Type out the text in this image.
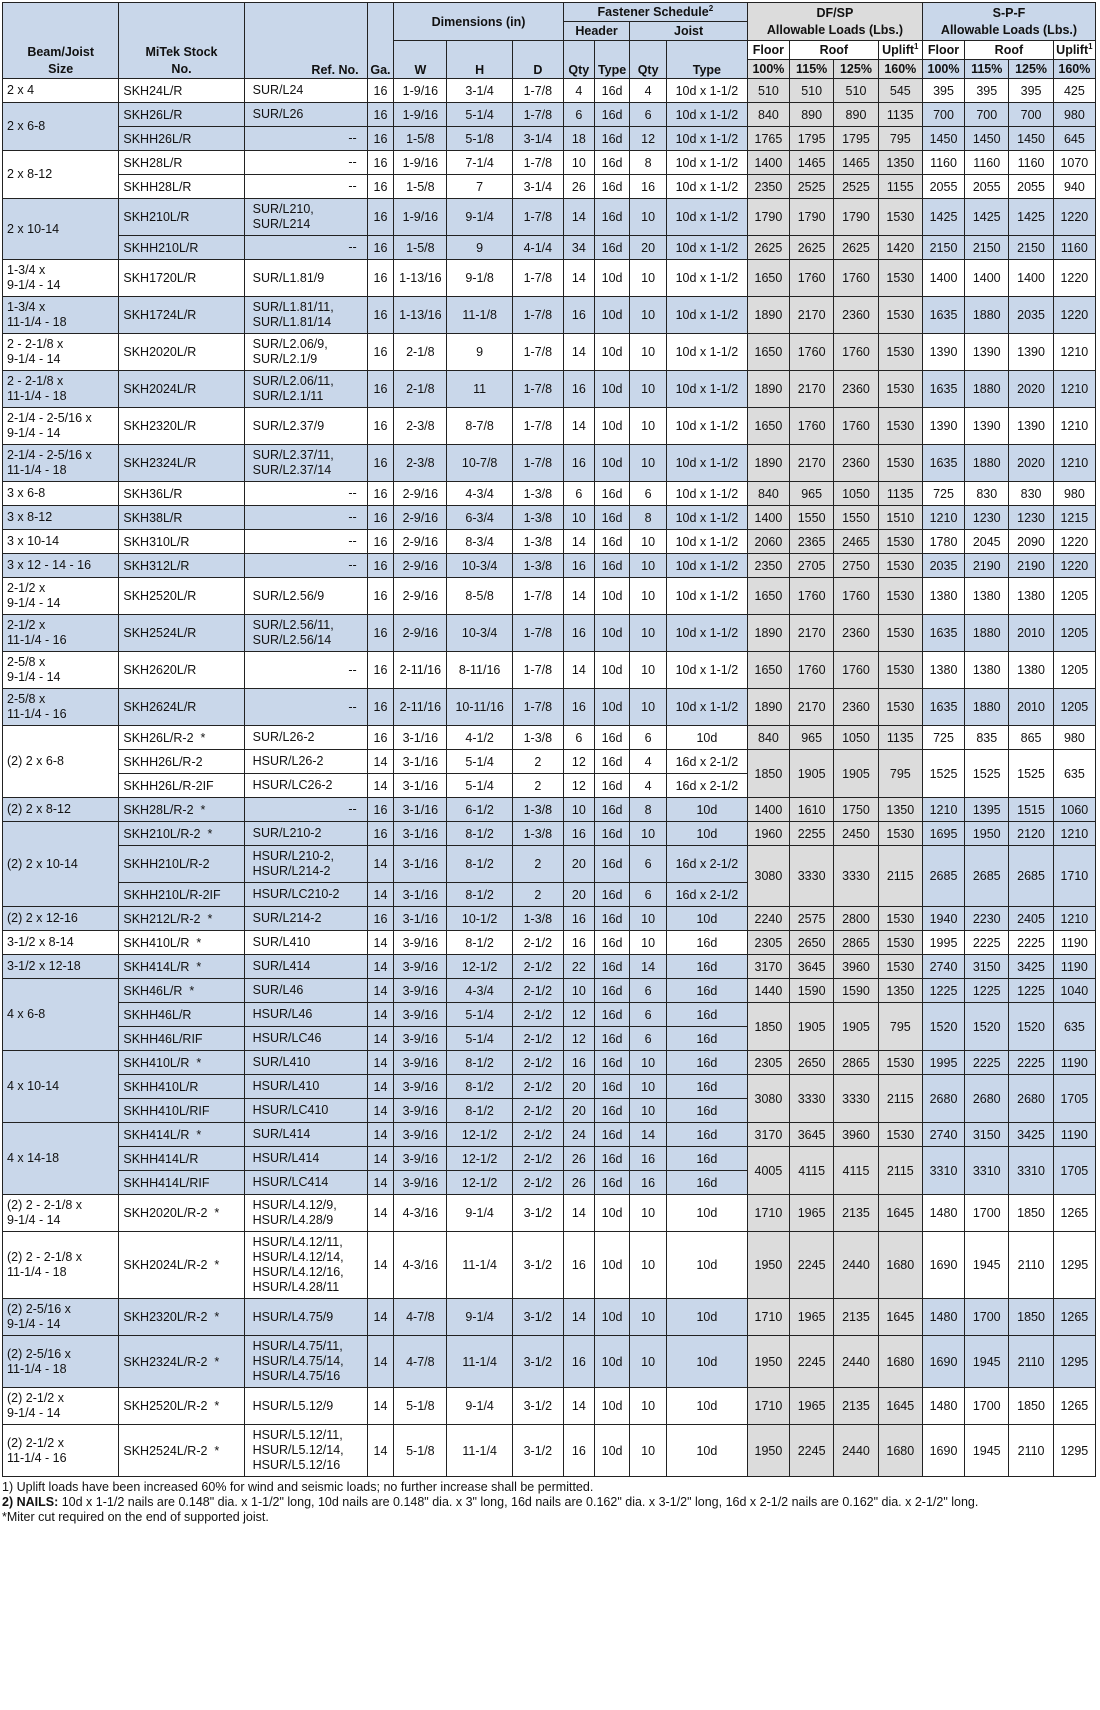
Beam/Joist Size	MiTek Stock No.	Ref. No.	Ga.	Dimensions (in)			Fastener Schedule$^2$				DF/SP
Allowable Loads (Lbs.)				S-P-F
Allowable Loads (Lbs.)			
							Header		Joist									
				W	H	D	Qty	Type	Qty	Type	Floor	Roof		Uplift$^1$	Floor	Roof		Uplift$^1$
											100%	115%	125%	160%	100%	115%	125%	160%
2 x 4	SKH24L/R	SUR/L24	16	1-9/16	3-1/4	1-7/8	4	16d	4	10d x 1-1/2	510	510	510	545	395	395	395	425
2 x 6-8	SKH26L/R	SUR/L26	16	1-9/16	5-1/4	1-7/8	6	16d	6	10d x 1-1/2	840	890	890	1135	700	700	700	980
	SKHH26L/R	--	16	1-5/8	5-1/8	3-1/4	18	16d	12	10d x 1-1/2	1765	1795	1795	795	1450	1450	1450	645
2 x 8-12	SKH28L/R	--	16	1-9/16	7-1/4	1-7/8	10	16d	8	10d x 1-1/2	1400	1465	1465	1350	1160	1160	1160	1070
	SKHH28L/R	--	16	1-5/8	7	3-1/4	26	16d	16	10d x 1-1/2	2350	2525	2525	1155	2055	2055	2055	940
2 x 10-14	SKH210L/R	SUR/L210,
SUR/L214	16	1-9/16	9-1/4	1-7/8	14	16d	10	10d x 1-1/2	1790	1790	1790	1530	1425	1425	1425	1220
	SKHH210L/R	--	16	1-5/8	9	4-1/4	34	16d	20	10d x 1-1/2	2625	2625	2625	1420	2150	2150	2150	1160
1-3/4 x
9-1/4 - 14	SKH1720L/R	SUR/L1.81/9	16	1-13/16	9-1/8	1-7/8	14	10d	10	10d x 1-1/2	1650	1760	1760	1530	1400	1400	1400	1220
1-3/4 x
11-1/4 - 18	SKH1724L/R	SUR/L1.81/11,
SUR/L1.81/14	16	1-13/16	11-1/8	1-7/8	16	10d	10	10d x 1-1/2	1890	2170	2360	1530	1635	1880	2035	1220
2 - 2-1/8 x
9-1/4 - 14	SKH2020L/R	SUR/L2.06/9,
SUR/L2.1/9	16	2-1/8	9	1-7/8	14	10d	10	10d x 1-1/2	1650	1760	1760	1530	1390	1390	1390	1210
2 - 2-1/8 x
11-1/4 - 18	SKH2024L/R	SUR/L2.06/11,
SUR/L2.1/11	16	2-1/8	11	1-7/8	16	10d	10	10d x 1-1/2	1890	2170	2360	1530	1635	1880	2020	1210
2-1/4 - 2-5/16 x
9-1/4 - 14	SKH2320L/R	SUR/L2.37/9	16	2-3/8	8-7/8	1-7/8	14	10d	10	10d x 1-1/2	1650	1760	1760	1530	1390	1390	1390	1210
2-1/4 - 2-5/16 x
11-1/4 - 18	SKH2324L/R	SUR/L2.37/11,
SUR/L2.37/14	16	2-3/8	10-7/8	1-7/8	16	10d	10	10d x 1-1/2	1890	2170	2360	1530	1635	1880	2020	1210
3 x 6-8	SKH36L/R	--	16	2-9/16	4-3/4	1-3/8	6	16d	6	10d x 1-1/2	840	965	1050	1135	725	830	830	980
3 x 8-12	SKH38L/R	--	16	2-9/16	6-3/4	1-3/8	10	16d	8	10d x 1-1/2	1400	1550	1550	1510	1210	1230	1230	1215
3 x 10-14	SKH310L/R	--	16	2-9/16	8-3/4	1-3/8	14	16d	10	10d x 1-1/2	2060	2365	2465	1530	1780	2045	2090	1220
3 x 12 - 14 - 16	SKH312L/R	--	16	2-9/16	10-3/4	1-3/8	16	16d	10	10d x 1-1/2	2350	2705	2750	1530	2035	2190	2190	1220
2-1/2 x
9-1/4 - 14	SKH2520L/R	SUR/L2.56/9	16	2-9/16	8-5/8	1-7/8	14	10d	10	10d x 1-1/2	1650	1760	1760	1530	1380	1380	1380	1205
2-1/2 x
11-1/4 - 16	SKH2524L/R	SUR/L2.56/11,
SUR/L2.56/14	16	2-9/16	10-3/4	1-7/8	16	10d	10	10d x 1-1/2	1890	2170	2360	1530	1635	1880	2010	1205
2-5/8 x
9-1/4 - 14	SKH2620L/R	--	16	2-11/16	8-11/16	1-7/8	14	10d	10	10d x 1-1/2	1650	1760	1760	1530	1380	1380	1380	1205
2-5/8 x
11-1/4 - 16	SKH2624L/R	--	16	2-11/16	10-11/16	1-7/8	16	10d	10	10d x 1-1/2	1890	2170	2360	1530	1635	1880	2010	1205
(2) 2 x 6-8	SKH26L/R-2  *	SUR/L26-2	16	3-1/16	4-1/2	1-3/8	6	16d	6	10d	840	965	1050	1135	725	835	865	980
	SKHH26L/R-2	HSUR/L26-2	14	3-1/16	5-1/4	2	12	16d	4	16d x 2-1/2	1850	1905	1905	795	1525	1525	1525	635
	SKHH26L/R-2IF	HSUR/LC26-2	14	3-1/16	5-1/4	2	12	16d	4	16d x 2-1/2								
(2) 2 x 8-12	SKH28L/R-2  *	--	16	3-1/16	6-1/2	1-3/8	10	16d	8	10d	1400	1610	1750	1350	1210	1395	1515	1060
(2) 2 x 10-14	SKH210L/R-2  *	SUR/L210-2	16	3-1/16	8-1/2	1-3/8	16	16d	10	10d	1960	2255	2450	1530	1695	1950	2120	1210
	SKHH210L/R-2	HSUR/L210-2,
HSUR/L214-2	14	3-1/16	8-1/2	2	20	16d	6	16d x 2-1/2	3080	3330	3330	2115	2685	2685	2685	1710
	SKHH210L/R-2IF	HSUR/LC210-2	14	3-1/16	8-1/2	2	20	16d	6	16d x 2-1/2								
(2) 2 x 12-16	SKH212L/R-2  *	SUR/L214-2	16	3-1/16	10-1/2	1-3/8	16	16d	10	10d	2240	2575	2800	1530	1940	2230	2405	1210
3-1/2 x 8-14	SKH410L/R  *	SUR/L410	14	3-9/16	8-1/2	2-1/2	16	16d	10	16d	2305	2650	2865	1530	1995	2225	2225	1190
3-1/2 x 12-18	SKH414L/R  *	SUR/L414	14	3-9/16	12-1/2	2-1/2	22	16d	14	16d	3170	3645	3960	1530	2740	3150	3425	1190
4 x 6-8	SKH46L/R  *	SUR/L46	14	3-9/16	4-3/4	2-1/2	10	16d	6	16d	1440	1590	1590	1350	1225	1225	1225	1040
	SKHH46L/R	HSUR/L46	14	3-9/16	5-1/4	2-1/2	12	16d	6	16d	1850	1905	1905	795	1520	1520	1520	635
	SKHH46L/RIF	HSUR/LC46	14	3-9/16	5-1/4	2-1/2	12	16d	6	16d								
4 x 10-14	SKH410L/R  *	SUR/L410	14	3-9/16	8-1/2	2-1/2	16	16d	10	16d	2305	2650	2865	1530	1995	2225	2225	1190
	SKHH410L/R	HSUR/L410	14	3-9/16	8-1/2	2-1/2	20	16d	10	16d	3080	3330	3330	2115	2680	2680	2680	1705
	SKHH410L/RIF	HSUR/LC410	14	3-9/16	8-1/2	2-1/2	20	16d	10	16d								
4 x 14-18	SKH414L/R  *	SUR/L414	14	3-9/16	12-1/2	2-1/2	24	16d	14	16d	3170	3645	3960	1530	2740	3150	3425	1190
	SKHH414L/R	HSUR/L414	14	3-9/16	12-1/2	2-1/2	26	16d	16	16d	4005	4115	4115	2115	3310	3310	3310	1705
	SKHH414L/RIF	HSUR/LC414	14	3-9/16	12-1/2	2-1/2	26	16d	16	16d								
(2) 2 - 2-1/8 x
9-1/4 - 14	SKH2020L/R-2  *	HSUR/L4.12/9,
HSUR/L4.28/9	14	4-3/16	9-1/4	3-1/2	14	10d	10	10d	1710	1965	2135	1645	1480	1700	1850	1265
(2) 2 - 2-1/8 x
11-1/4 - 18	SKH2024L/R-2  *	HSUR/L4.12/11,
HSUR/L4.12/14,
HSUR/L4.12/16,
HSUR/L4.28/11	14	4-3/16	11-1/4	3-1/2	16	10d	10	10d	1950	2245	2440	1680	1690	1945	2110	1295
(2) 2-5/16 x
9-1/4 - 14	SKH2320L/R-2  *	HSUR/L4.75/9	14	4-7/8	9-1/4	3-1/2	14	10d	10	10d	1710	1965	2135	1645	1480	1700	1850	1265
(2) 2-5/16 x
11-1/4 - 18	SKH2324L/R-2  *	HSUR/L4.75/11,
HSUR/L4.75/14,
HSUR/L4.75/16	14	4-7/8	11-1/4	3-1/2	16	10d	10	10d	1950	2245	2440	1680	1690	1945	2110	1295
(2) 2-1/2 x
9-1/4 - 14	SKH2520L/R-2  *	HSUR/L5.12/9	14	5-1/8	9-1/4	3-1/2	14	10d	10	10d	1710	1965	2135	1645	1480	1700	1850	1265
(2) 2-1/2 x
11-1/4 - 16	SKH2524L/R-2  *	HSUR/L5.12/11,
HSUR/L5.12/14,
HSUR/L5.12/16	14	5-1/8	11-1/4	3-1/2	16	10d	10	10d	1950	2245	2440	1680	1690	1945	2110	1295
1) Uplift loads have been increased 60% for wind and seismic loads; no further increase shall be permitted.
2) NAILS: 10d x 1-1/2 nails are 0.148" dia. x 1-1/2" long, 10d nails are 0.148" dia. x 3" long, 16d nails are 0.162" dia. x 3-1/2" long, 16d x 2-1/2 nails are 0.162" dia. x 2-1/2" long.
*Miter cut required on the end of supported joist.
